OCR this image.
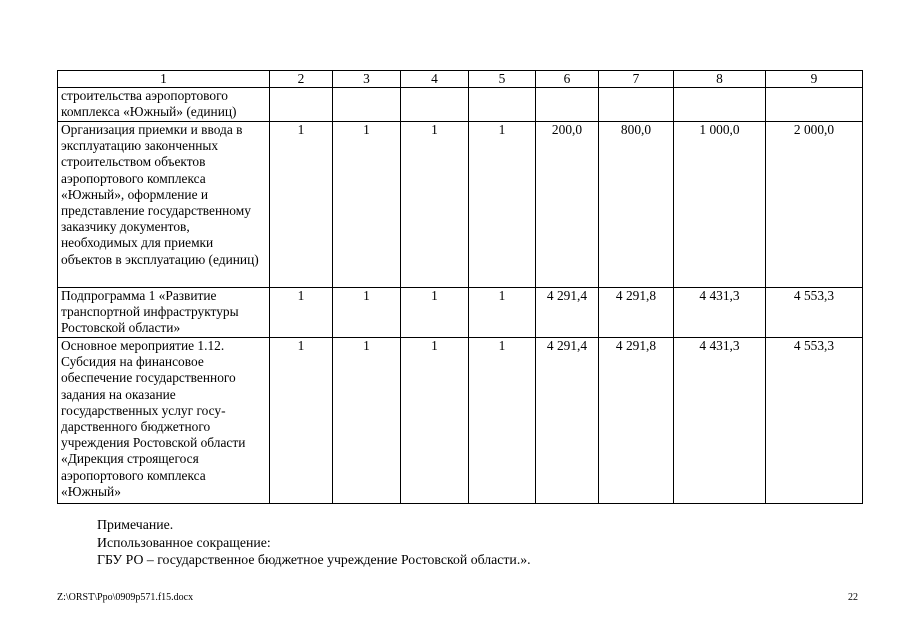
1	2	3	4	5	6	7	8	9
строительства аэропортового комплекса «Южный» (единиц)								
Организация приемки и ввода в эксплуатацию законченных строительством объектов аэропортового комплекса «Южный», оформление и представление государственному заказчику документов, необходимых для приемки объектов в эксплуатацию (единиц)	1	1	1	1	200,0	800,0	1 000,0	2 000,0
Подпрограмма 1 «Развитие транспортной инфраструктуры Ростовской области»	1	1	1	1	4 291,4	4 291,8	4 431,3	4 553,3
Основное мероприятие 1.12. Субсидия на финансовое обеспечение государственного задания на оказание государственных услуг госу-дарственного бюджетного учреждения Ростовской области «Дирекция строящегося аэропортового комплекса «Южный»	1	1	1	1	4 291,4	4 291,8	4 431,3	4 553,3
Примечание.
Использованное сокращение:
ГБУ РО – государственное бюджетное учреждение Ростовской области.».
Z:\ORST\Ppo\0909p571.f15.docx	22
